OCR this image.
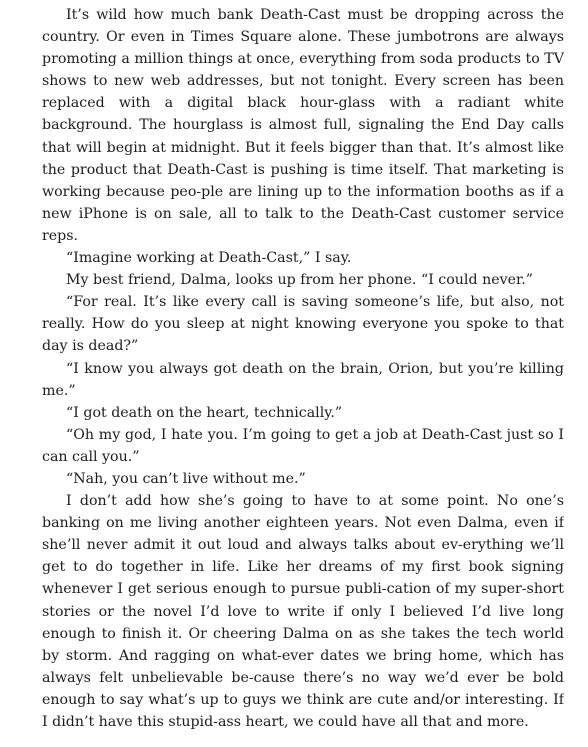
It’s wild how much bank Death-Cast must be dropping across the country. Or even in Times Square alone. These jumbotrons are always promoting a million things at once, everything from soda products to TV shows to new web addresses, but not tonight. Every screen has been replaced with a digital black hour-glass with a radiant white background. The hourglass is almost full, signaling the End Day calls that will begin at midnight. But it feels bigger than that. It’s almost like the product that Death-Cast is pushing is time itself. That marketing is working because peo-ple are lining up to the information booths as if a new iPhone is on sale, all to talk to the Death-Cast customer service reps.

“Imagine working at Death-Cast,” I say.

My best friend, Dalma, looks up from her phone. “I could never.”

“For real. It’s like every call is saving someone’s life, but also, not really. How do you sleep at night knowing everyone you spoke to that day is dead?”

“I know you always got death on the brain, Orion, but you’re killing me.”

“I got death on the heart, technically.”

“Oh my god, I hate you. I’m going to get a job at Death-Cast just so I can call you.”

“Nah, you can’t live without me.”

I don’t add how she’s going to have to at some point. No one’s banking on me living another eighteen years. Not even Dalma, even if she’ll never admit it out loud and always talks about ev-erything we’ll get to do together in life. Like her dreams of my first book signing whenever I get serious enough to pursue publi-cation of my super-short stories or the novel I’d love to write if only I believed I’d live long enough to finish it. Or cheering Dalma on as she takes the tech world by storm. And ragging on what-ever dates we bring home, which has always felt unbelievable be-cause there’s no way we’d ever be bold enough to say what’s up to guys we think are cute and/or interesting. If I didn’t have this stupid-ass heart, we could have all that and more.
